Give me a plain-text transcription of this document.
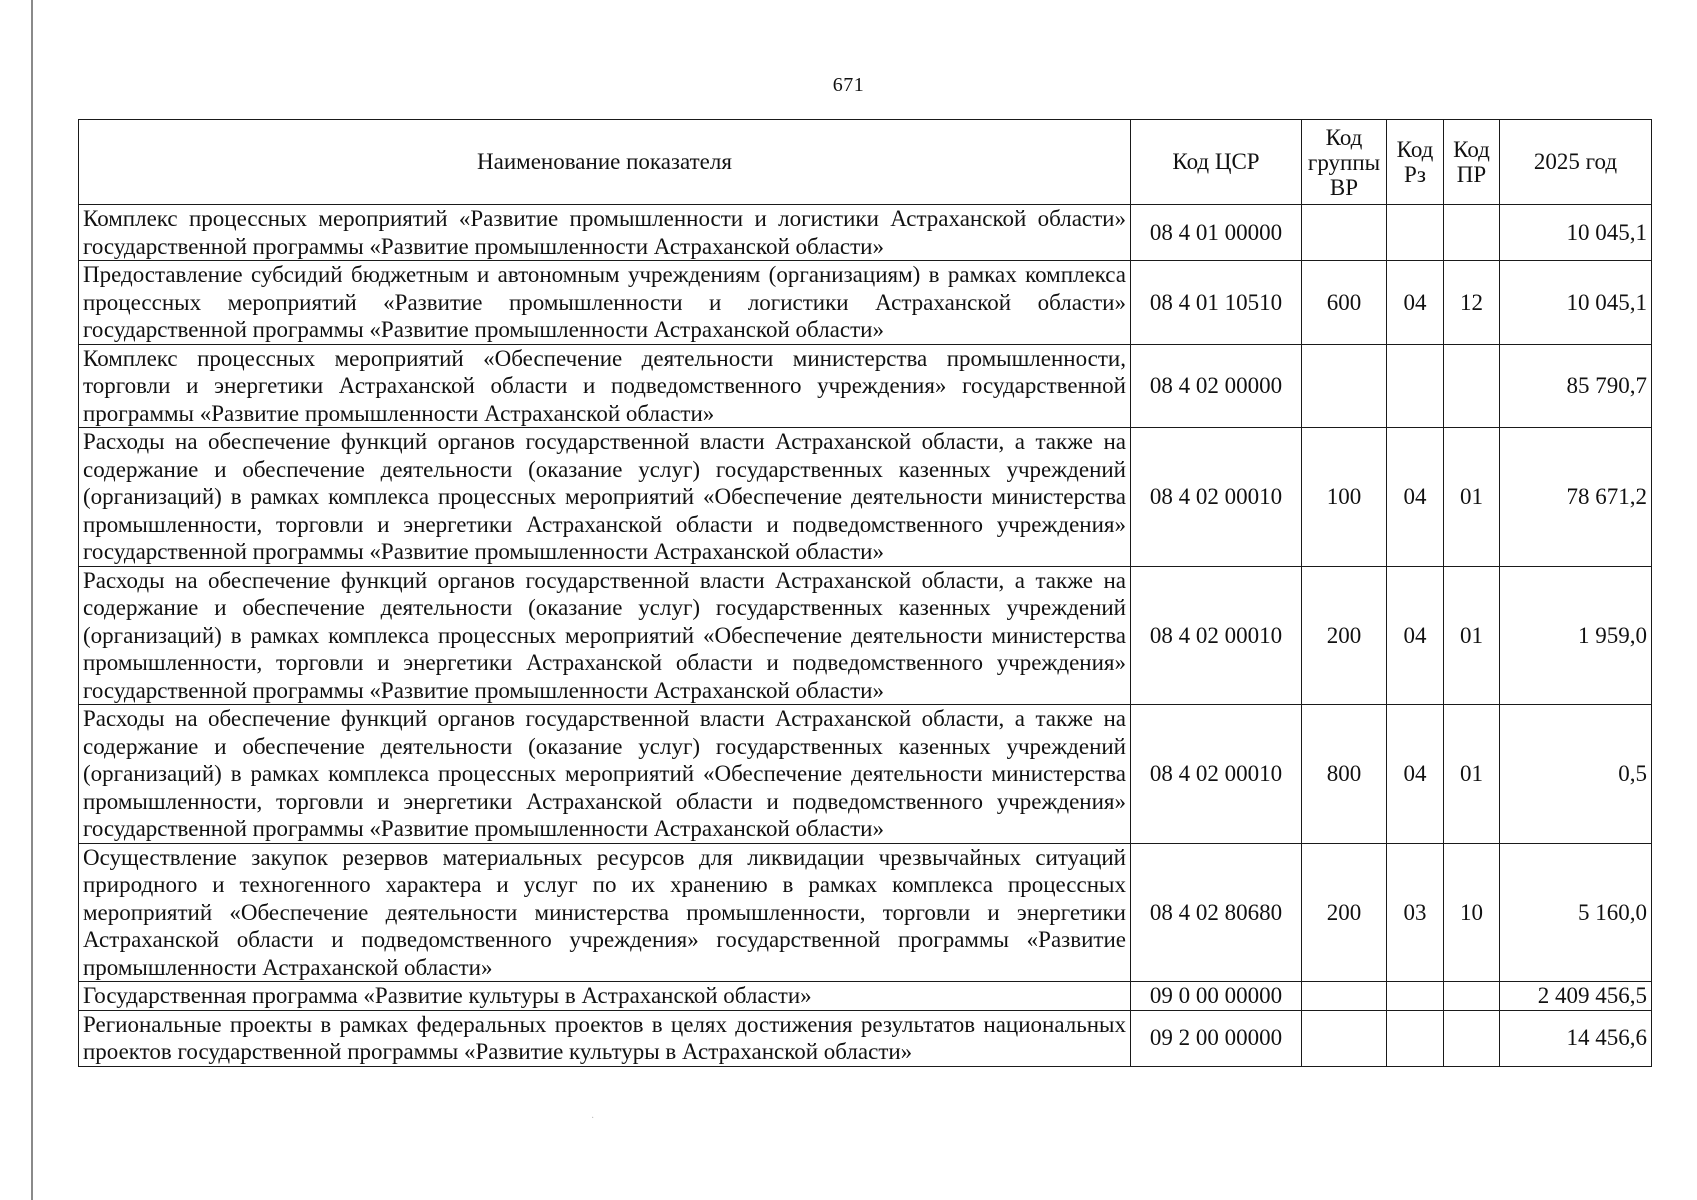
671
Наименование показателя	Код ЦСР	Код группы ВР	Код Рз	Код ПР	2025 год
Комплекс процессных мероприятий «Развитие промышленности и логистики Астраханской области» государственной программы «Развитие промышленности Астраханской области»	08 4 01 00000				10 045,1
Предоставление субсидий бюджетным и автономным учреждениям (организациям) в рамках комплекса процессных мероприятий «Развитие промышленности и логистики Астраханской области» государственной программы «Развитие промышленности Астраханской области»	08 4 01 10510	600	04	12	10 045,1
Комплекс процессных мероприятий «Обеспечение деятельности министерства промышленности, торговли и энергетики Астраханской области и подведомственного учреждения» государственной программы «Развитие промышленности Астраханской области»	08 4 02 00000				85 790,7
Расходы на обеспечение функций органов государственной власти Астраханской области, а также на содержание и обеспечение деятельности (оказание услуг) государственных казенных учреждений (организаций) в рамках комплекса процессных мероприятий «Обеспечение деятельности министерства промышленности, торговли и энергетики Астраханской области и подведомственного учреждения» государственной программы «Развитие промышленности Астраханской области»	08 4 02 00010	100	04	01	78 671,2
Расходы на обеспечение функций органов государственной власти Астраханской области, а также на содержание и обеспечение деятельности (оказание услуг) государственных казенных учреждений (организаций) в рамках комплекса процессных мероприятий «Обеспечение деятельности министерства промышленности, торговли и энергетики Астраханской области и подведомственного учреждения» государственной программы «Развитие промышленности Астраханской области»	08 4 02 00010	200	04	01	1 959,0
Расходы на обеспечение функций органов государственной власти Астраханской области, а также на содержание и обеспечение деятельности (оказание услуг) государственных казенных учреждений (организаций) в рамках комплекса процессных мероприятий «Обеспечение деятельности министерства промышленности, торговли и энергетики Астраханской области и подведомственного учреждения» государственной программы «Развитие промышленности Астраханской области»	08 4 02 00010	800	04	01	0,5
Осуществление закупок резервов материальных ресурсов для ликвидации чрезвычайных ситуаций природного и техногенного характера и услуг по их хранению в рамках комплекса процессных мероприятий «Обеспечение деятельности министерства промышленности, торговли и энергетики Астраханской области и подведомственного учреждения» государственной программы «Развитие промышленности Астраханской области»	08 4 02 80680	200	03	10	5 160,0
Государственная программа «Развитие культуры в Астраханской области»	09 0 00 00000				2 409 456,5
Региональные проекты в рамках федеральных проектов в целях достижения результатов национальных проектов государственной программы «Развитие культуры в Астраханской области»	09 2 00 00000				14 456,6
·
